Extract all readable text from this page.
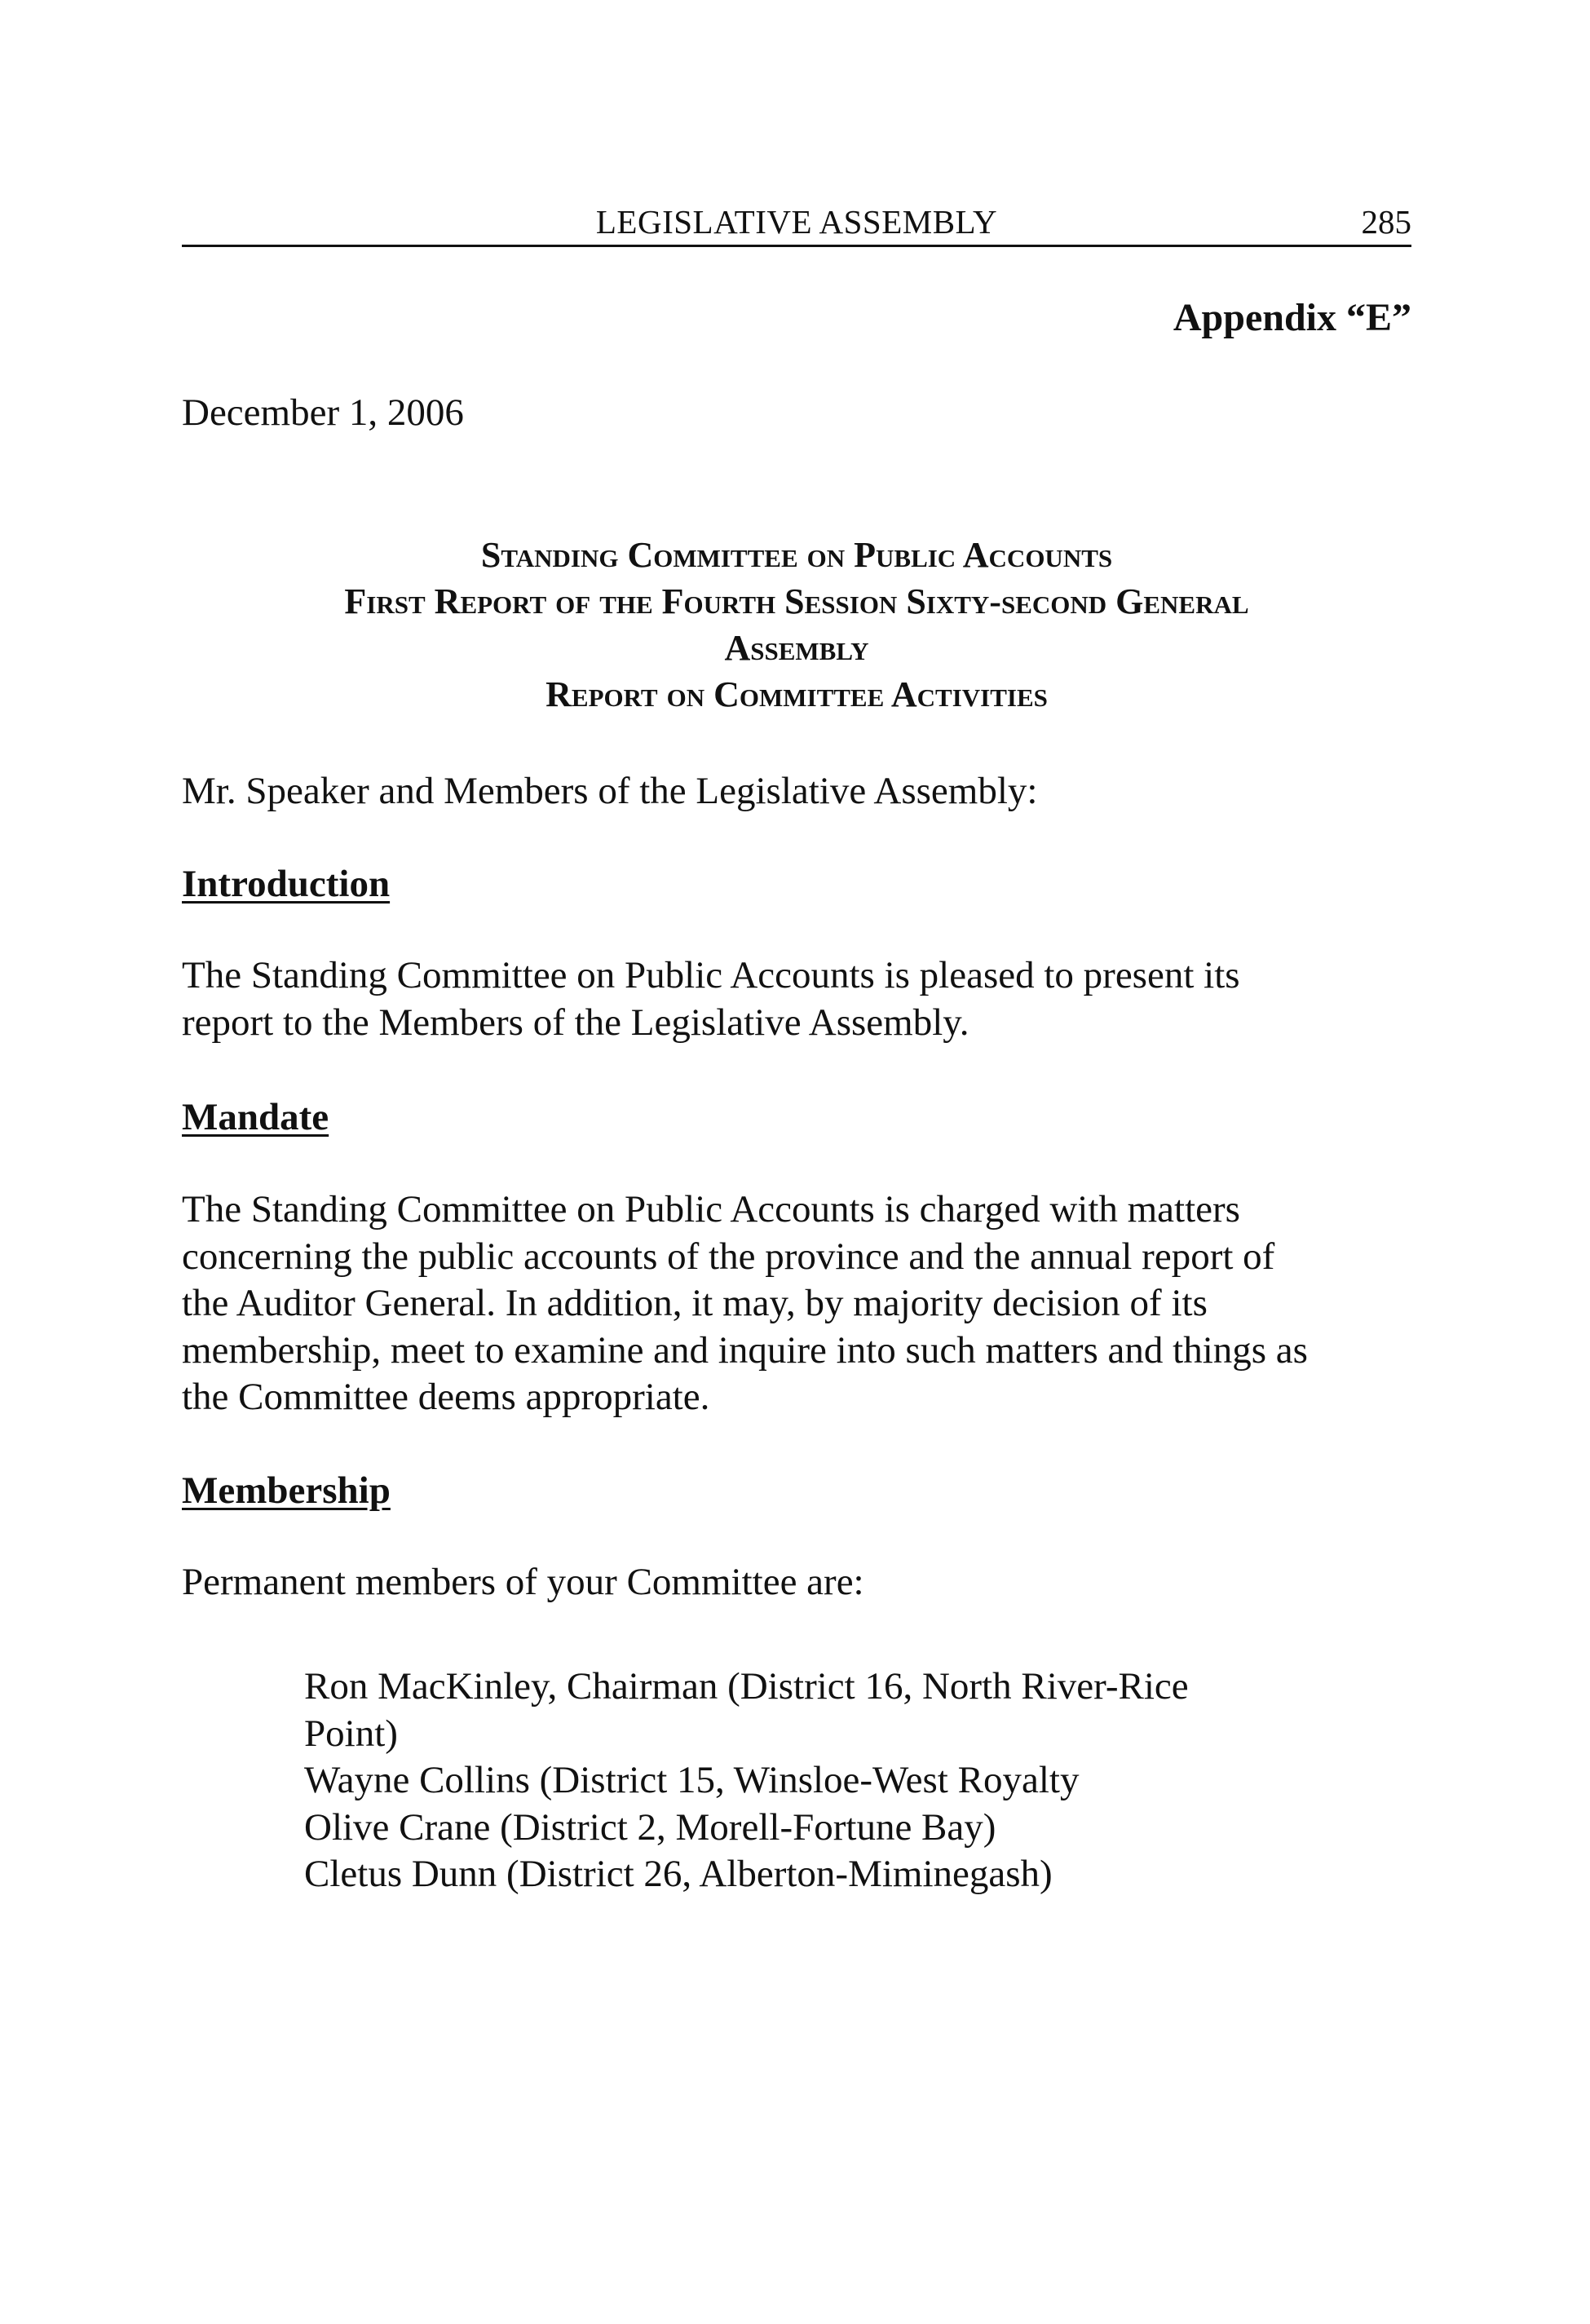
LEGISLATIVE ASSEMBLY	285
Appendix “E”
December 1, 2006
Standing Committee on Public Accounts
First Report of the Fourth Session Sixty-second General
Assembly
Report on Committee Activities
Mr. Speaker and Members of the Legislative Assembly:
Introduction
The Standing Committee on Public Accounts is pleased to present its
report to the Members of the Legislative Assembly.
Mandate
The Standing Committee on Public Accounts is charged with matters
concerning the public accounts of the province and the annual report of
the Auditor General. In addition, it may, by majority decision of its
membership, meet to examine and inquire into such matters and things as
the Committee deems appropriate.
Membership
Permanent members of your Committee are:
Ron MacKinley, Chairman (District 16, North River-Rice
Point)
Wayne Collins (District 15, Winsloe-West Royalty
Olive Crane (District 2, Morell-Fortune Bay)
Cletus Dunn (District 26, Alberton-Miminegash)
